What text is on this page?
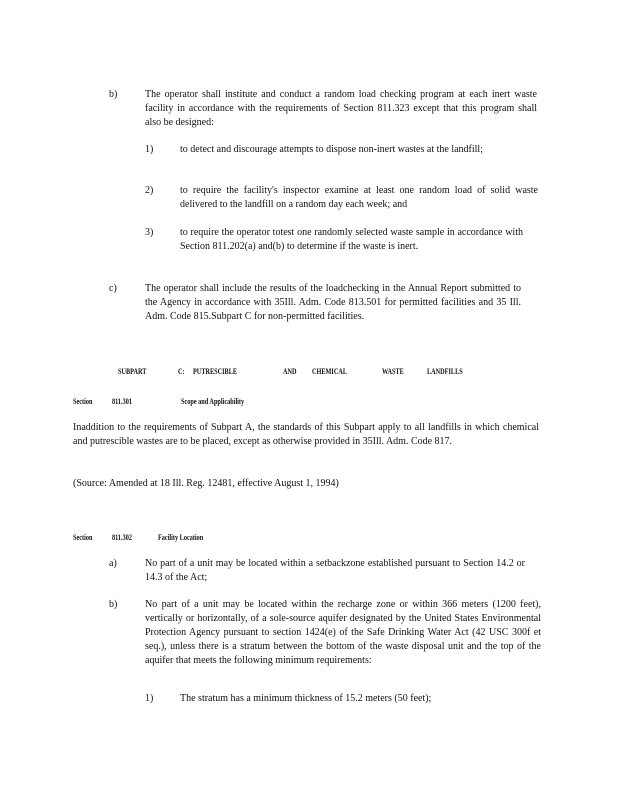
b)	The operator shall institute and conduct a random load checking program at each inert waste facility in accordance with the requirements of Section 811.323 except that this program shall also be designed:
1)	to detect and discourage attempts to dispose non-inert wastes at the landfill;
2)	to require the facility's inspector examine at least one random load of solid waste delivered to the landfill on a random day each week; and
3)	to require the operator totest one randomly selected waste sample in accordance with Section 811.202(a) and(b) to determine if the waste is inert.
c)	The operator shall include the results of the loadchecking in the Annual Report submitted to the Agency in accordance with 35Ill. Adm. Code 813.501 for permitted facilities and 35 Ill. Adm. Code 815.Subpart C for non-permitted facilities.
SUBPART	C: PUTRESCIBLE	AND CHEMICAL	WASTE	LANDFILLS
Section 811.301	Scope and Applicability
Inaddition to the requirements of Subpart A, the standards of this Subpart apply to all landfills in which chemical and putrescible wastes are to be placed, except as otherwise provided in 35Ill. Adm. Code 817.
(Source: Amended at 18 Ill. Reg. 12481, effective August 1, 1994)
Section 811.302	Facility Location
a)	No part of a unit may be located within a setbackzone established pursuant to Section 14.2 or 14.3 of the Act;
b)	No part of a unit may be located within the recharge zone or within 366 meters (1200 feet), vertically or horizontally, of a sole-source aquifer designated by the United States Environmental Protection Agency pursuant to section 1424(e) of the Safe Drinking Water Act (42 USC 300f et seq.), unless there is a stratum between the bottom of the waste disposal unit and the top of the aquifer that meets the following minimum requirements:
1)	The stratum has a minimum thickness of 15.2 meters (50 feet);
